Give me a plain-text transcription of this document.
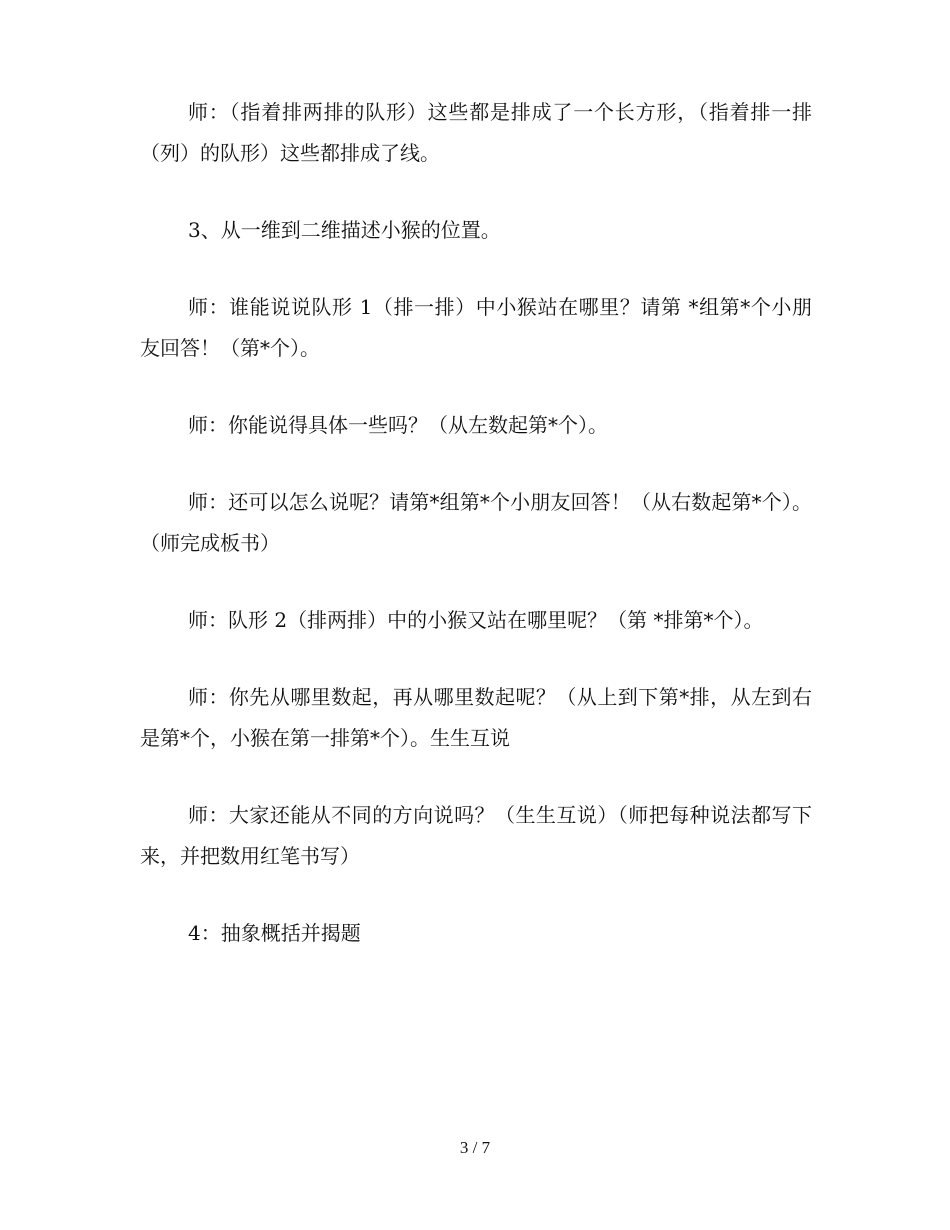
师：（指着排两排的队形）这些都是排成了一个长方形，（指着排一排（列）的队形）这些都排成了线。

3、从一维到二维描述小猴的位置。

师：谁能说说队形 1（排一排）中小猴站在哪里？请第 *组第*个小朋友回答！（第*个）。

师：你能说得具体一些吗？（从左数起第*个）。

师：还可以怎么说呢？请第*组第*个小朋友回答！（从右数起第*个）。（师完成板书）

师：队形 2（排两排）中的小猴又站在哪里呢？（第 *排第*个）。

师：你先从哪里数起，再从哪里数起呢？（从上到下第*排，从左到右是第*个，小猴在第一排第*个）。生生互说

师：大家还能从不同的方向说吗？（生生互说）（师把每种说法都写下来，并把数用红笔书写）

4：抽象概括并揭题

3 / 7
